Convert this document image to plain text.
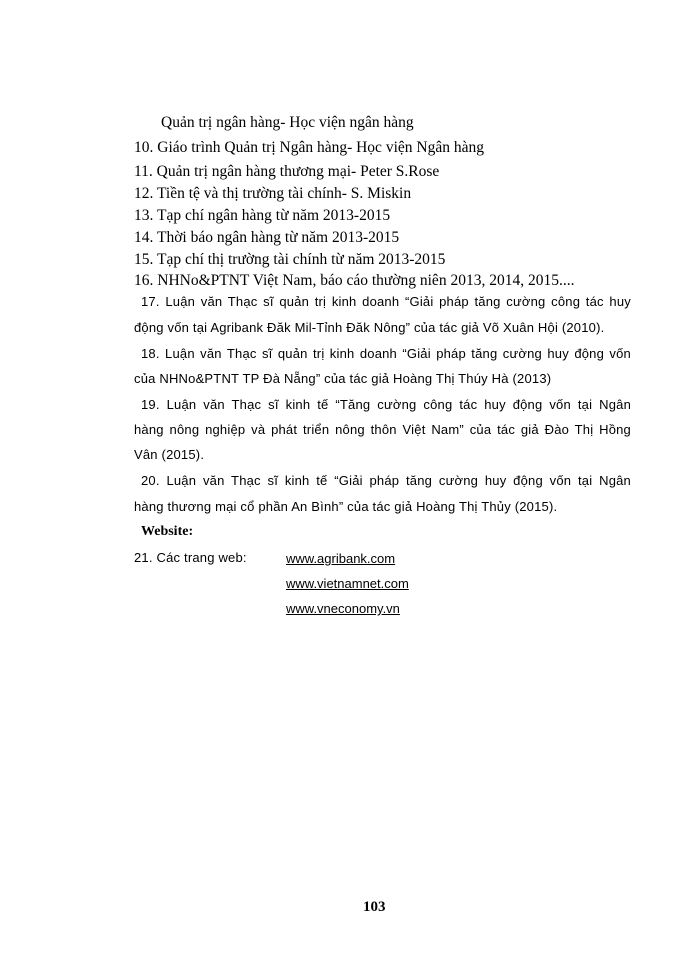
Quản trị ngân hàng- Học viện ngân hàng
10. Giáo trình Quản trị Ngân hàng- Học viện Ngân hàng
11. Quản trị ngân hàng thương mại- Peter S.Rose
12. Tiền tệ và thị trường tài chính- S. Miskin
13. Tạp chí ngân hàng từ năm 2013-2015
14. Thời báo ngân hàng từ năm 2013-2015
15. Tạp chí thị trường tài chính từ năm 2013-2015
16. NHNo&PTNT Việt Nam, báo cáo thường niên 2013, 2014, 2015....
17. Luận văn Thạc sĩ quản trị kinh doanh “Giải pháp tăng cường công tác huy
động vốn tại Agribank Đăk Mil-Tỉnh Đăk Nông” của tác giả Võ Xuân Hội (2010).
18. Luận văn Thạc sĩ quản trị kinh doanh “Giải pháp tăng cường huy động vốn
của NHNo&PTNT TP Đà Nẵng” của tác giả Hoàng Thị Thúy Hà (2013)
19. Luận văn Thạc sĩ kinh tế “Tăng cường công tác huy động vốn tại Ngân
hàng nông nghiệp và phát triển nông thôn Việt Nam” của tác giả Đào Thị Hồng
Vân (2015).
20. Luận văn Thạc sĩ kinh tế “Giải pháp tăng cường huy động vốn tại Ngân
hàng thương mại cổ phần An Bình” của tác giả Hoàng Thị Thủy (2015).
Website:
21. Các trang web:	www.agribank.com
www.vietnamnet.com
www.vneconomy.vn
103
